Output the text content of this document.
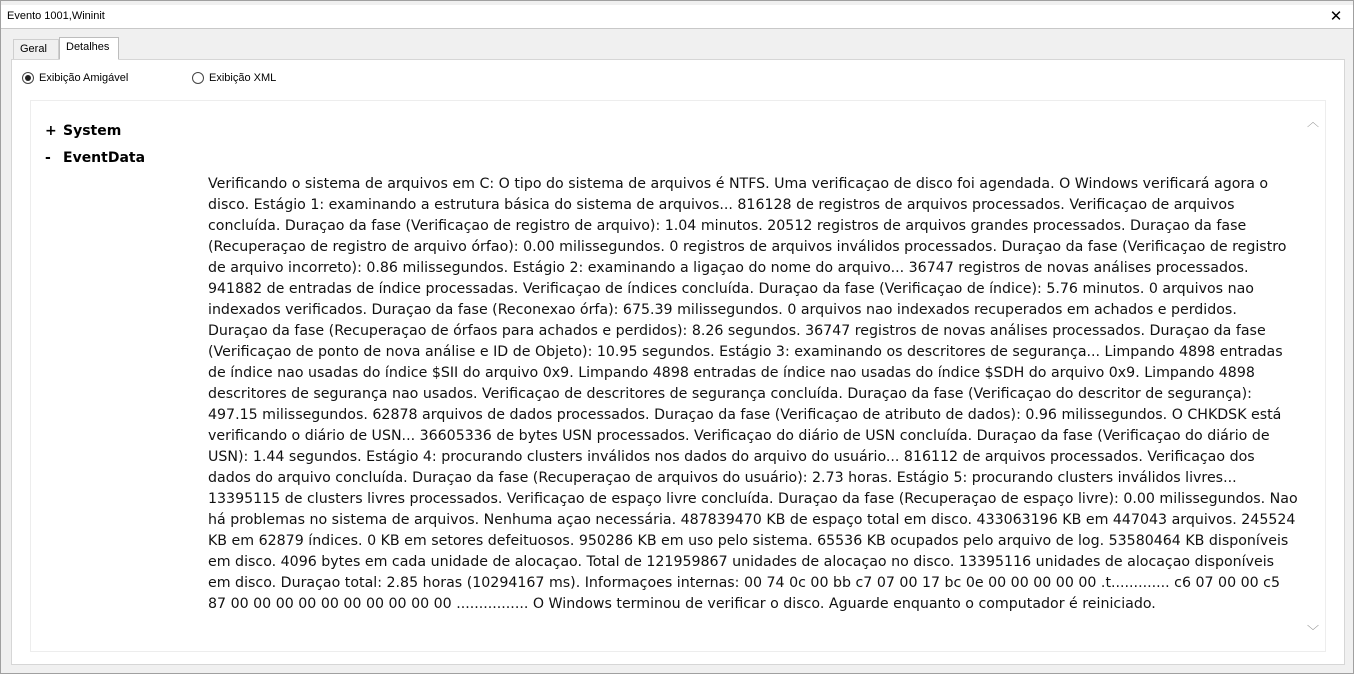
Evento 1001,Wininit	✕
Geral	Detalhes
Exibição Amigável	Exibição XML
+ System
- EventData
Verificando o sistema de arquivos em C: O tipo do sistema de arquivos é NTFS. Uma verificaçao de disco foi agendada. O Windows verificará agora o disco. Estágio 1: examinando a estrutura básica do sistema de arquivos... 816128 de registros de arquivos processados. Verificaçao de arquivos concluída. Duraçao da fase (Verificaçao de registro de arquivo): 1.04 minutos. 20512 registros de arquivos grandes processados. Duraçao da fase (Recuperaçao de registro de arquivo órfao): 0.00 milissegundos. 0 registros de arquivos inválidos processados. Duraçao da fase (Verificaçao de registro de arquivo incorreto): 0.86 milissegundos. Estágio 2: examinando a ligaçao do nome do arquivo... 36747 registros de novas análises processados. 941882 de entradas de índice processadas. Verificaçao de índices concluída. Duraçao da fase (Verificaçao de índice): 5.76 minutos. 0 arquivos nao indexados verificados. Duraçao da fase (Reconexao órfa): 675.39 milissegundos. 0 arquivos nao indexados recuperados em achados e perdidos. Duraçao da fase (Recuperaçao de órfaos para achados e perdidos): 8.26 segundos. 36747 registros de novas análises processados. Duraçao da fase (Verificaçao de ponto de nova análise e ID de Objeto): 10.95 segundos. Estágio 3: examinando os descritores de segurança... Limpando 4898 entradas de índice nao usadas do índice $SII do arquivo 0x9. Limpando 4898 entradas de índice nao usadas do índice $SDH do arquivo 0x9. Limpando 4898 descritores de segurança nao usados. Verificaçao de descritores de segurança concluída. Duraçao da fase (Verificaçao do descritor de segurança): 497.15 milissegundos. 62878 arquivos de dados processados. Duraçao da fase (Verificaçao de atributo de dados): 0.96 milissegundos. O CHKDSK está verificando o diário de USN... 36605336 de bytes USN processados. Verificaçao do diário de USN concluída. Duraçao da fase (Verificaçao do diário de USN): 1.44 segundos. Estágio 4: procurando clusters inválidos nos dados do arquivo do usuário... 816112 de arquivos processados. Verificaçao dos dados do arquivo concluída. Duraçao da fase (Recuperaçao de arquivos do usuário): 2.73 horas. Estágio 5: procurando clusters inválidos livres... 13395115 de clusters livres processados. Verificaçao de espaço livre concluída. Duraçao da fase (Recuperaçao de espaço livre): 0.00 milissegundos. Nao há problemas no sistema de arquivos. Nenhuma açao necessária. 487839470 KB de espaço total em disco. 433063196 KB em 447043 arquivos. 245524 KB em 62879 índices. 0 KB em setores defeituosos. 950286 KB em uso pelo sistema. 65536 KB ocupados pelo arquivo de log. 53580464 KB disponíveis em disco. 4096 bytes em cada unidade de alocaçao. Total de 121959867 unidades de alocaçao no disco. 13395116 unidades de alocaçao disponíveis em disco. Duraçao total: 2.85 horas (10294167 ms). Informaçoes internas: 00 74 0c 00 bb c7 07 00 17 bc 0e 00 00 00 00 00 .t............. c6 07 00 00 c5 87 00 00 00 00 00 00 00 00 00 00 ................ O Windows terminou de verificar o disco. Aguarde enquanto o computador é reiniciado.
︿
﹀
